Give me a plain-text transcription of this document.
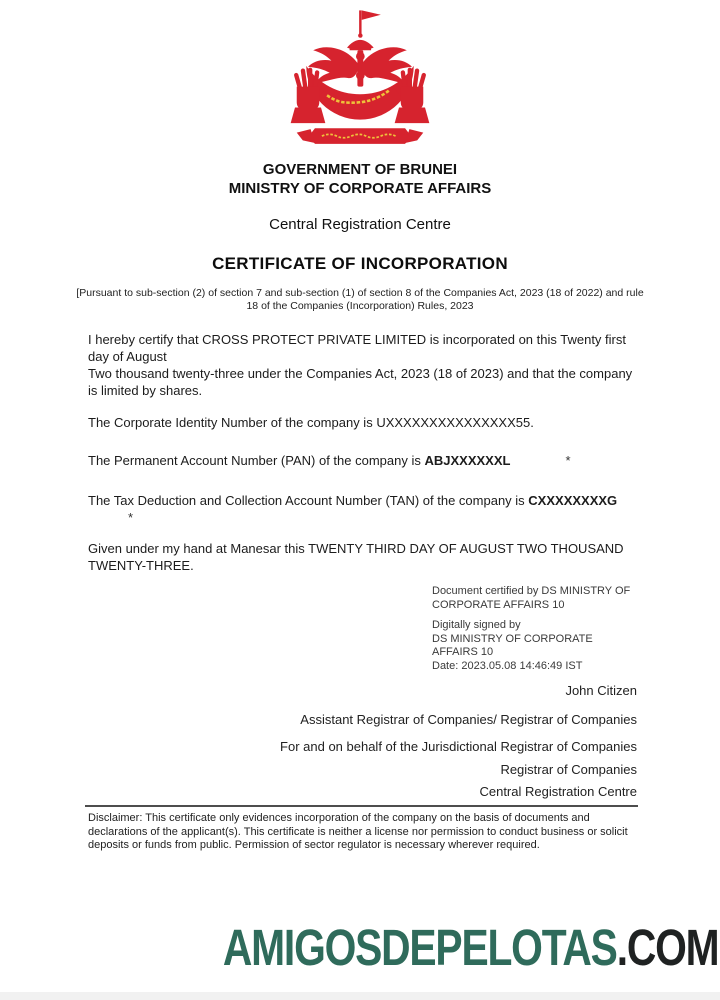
GOVERNMENT OF BRUNEI
MINISTRY OF CORPORATE AFFAIRS
Central Registration Centre
CERTIFICATE OF INCORPORATION
[Pursuant to sub-section (2) of section 7 and sub-section (1) of section 8 of the Companies Act, 2023 (18 of 2022) and rule 18 of the Companies (Incorporation) Rules, 2023
I hereby certify that CROSS PROTECT PRIVATE LIMITED is incorporated on this Twenty first day of August
Two thousand twenty-three under the Companies Act, 2023 (18 of 2023) and that the company is limited by shares.
The Corporate Identity Number of the company is UXXXXXXXXXXXXXXX55.
The Permanent Account Number (PAN) of the company is ABJXXXXXXL	*
The Tax Deduction and Collection Account Number (TAN) of the company is CXXXXXXXXG*
Given under my hand at Manesar this TWENTY THIRD DAY OF AUGUST TWO THOUSAND TWENTY-THREE.
Document certified by DS MINISTRY OF
CORPORATE AFFAIRS 10
Digitally signed by
DS MINISTRY OF CORPORATE
AFFAIRS 10
Date: 2023.05.08 14:46:49 IST
John Citizen
Assistant Registrar of Companies/ Registrar of Companies
For and on behalf of the Jurisdictional Registrar of Companies
Registrar of Companies
Central Registration Centre
Disclaimer: This certificate only evidences incorporation of the company on the basis of documents and declarations of the applicant(s). This certificate is neither a license nor permission to conduct business or solicit deposits or funds from public. Permission of sector regulator is necessary wherever required.
AMIGOSDEPELOTAS.COM
